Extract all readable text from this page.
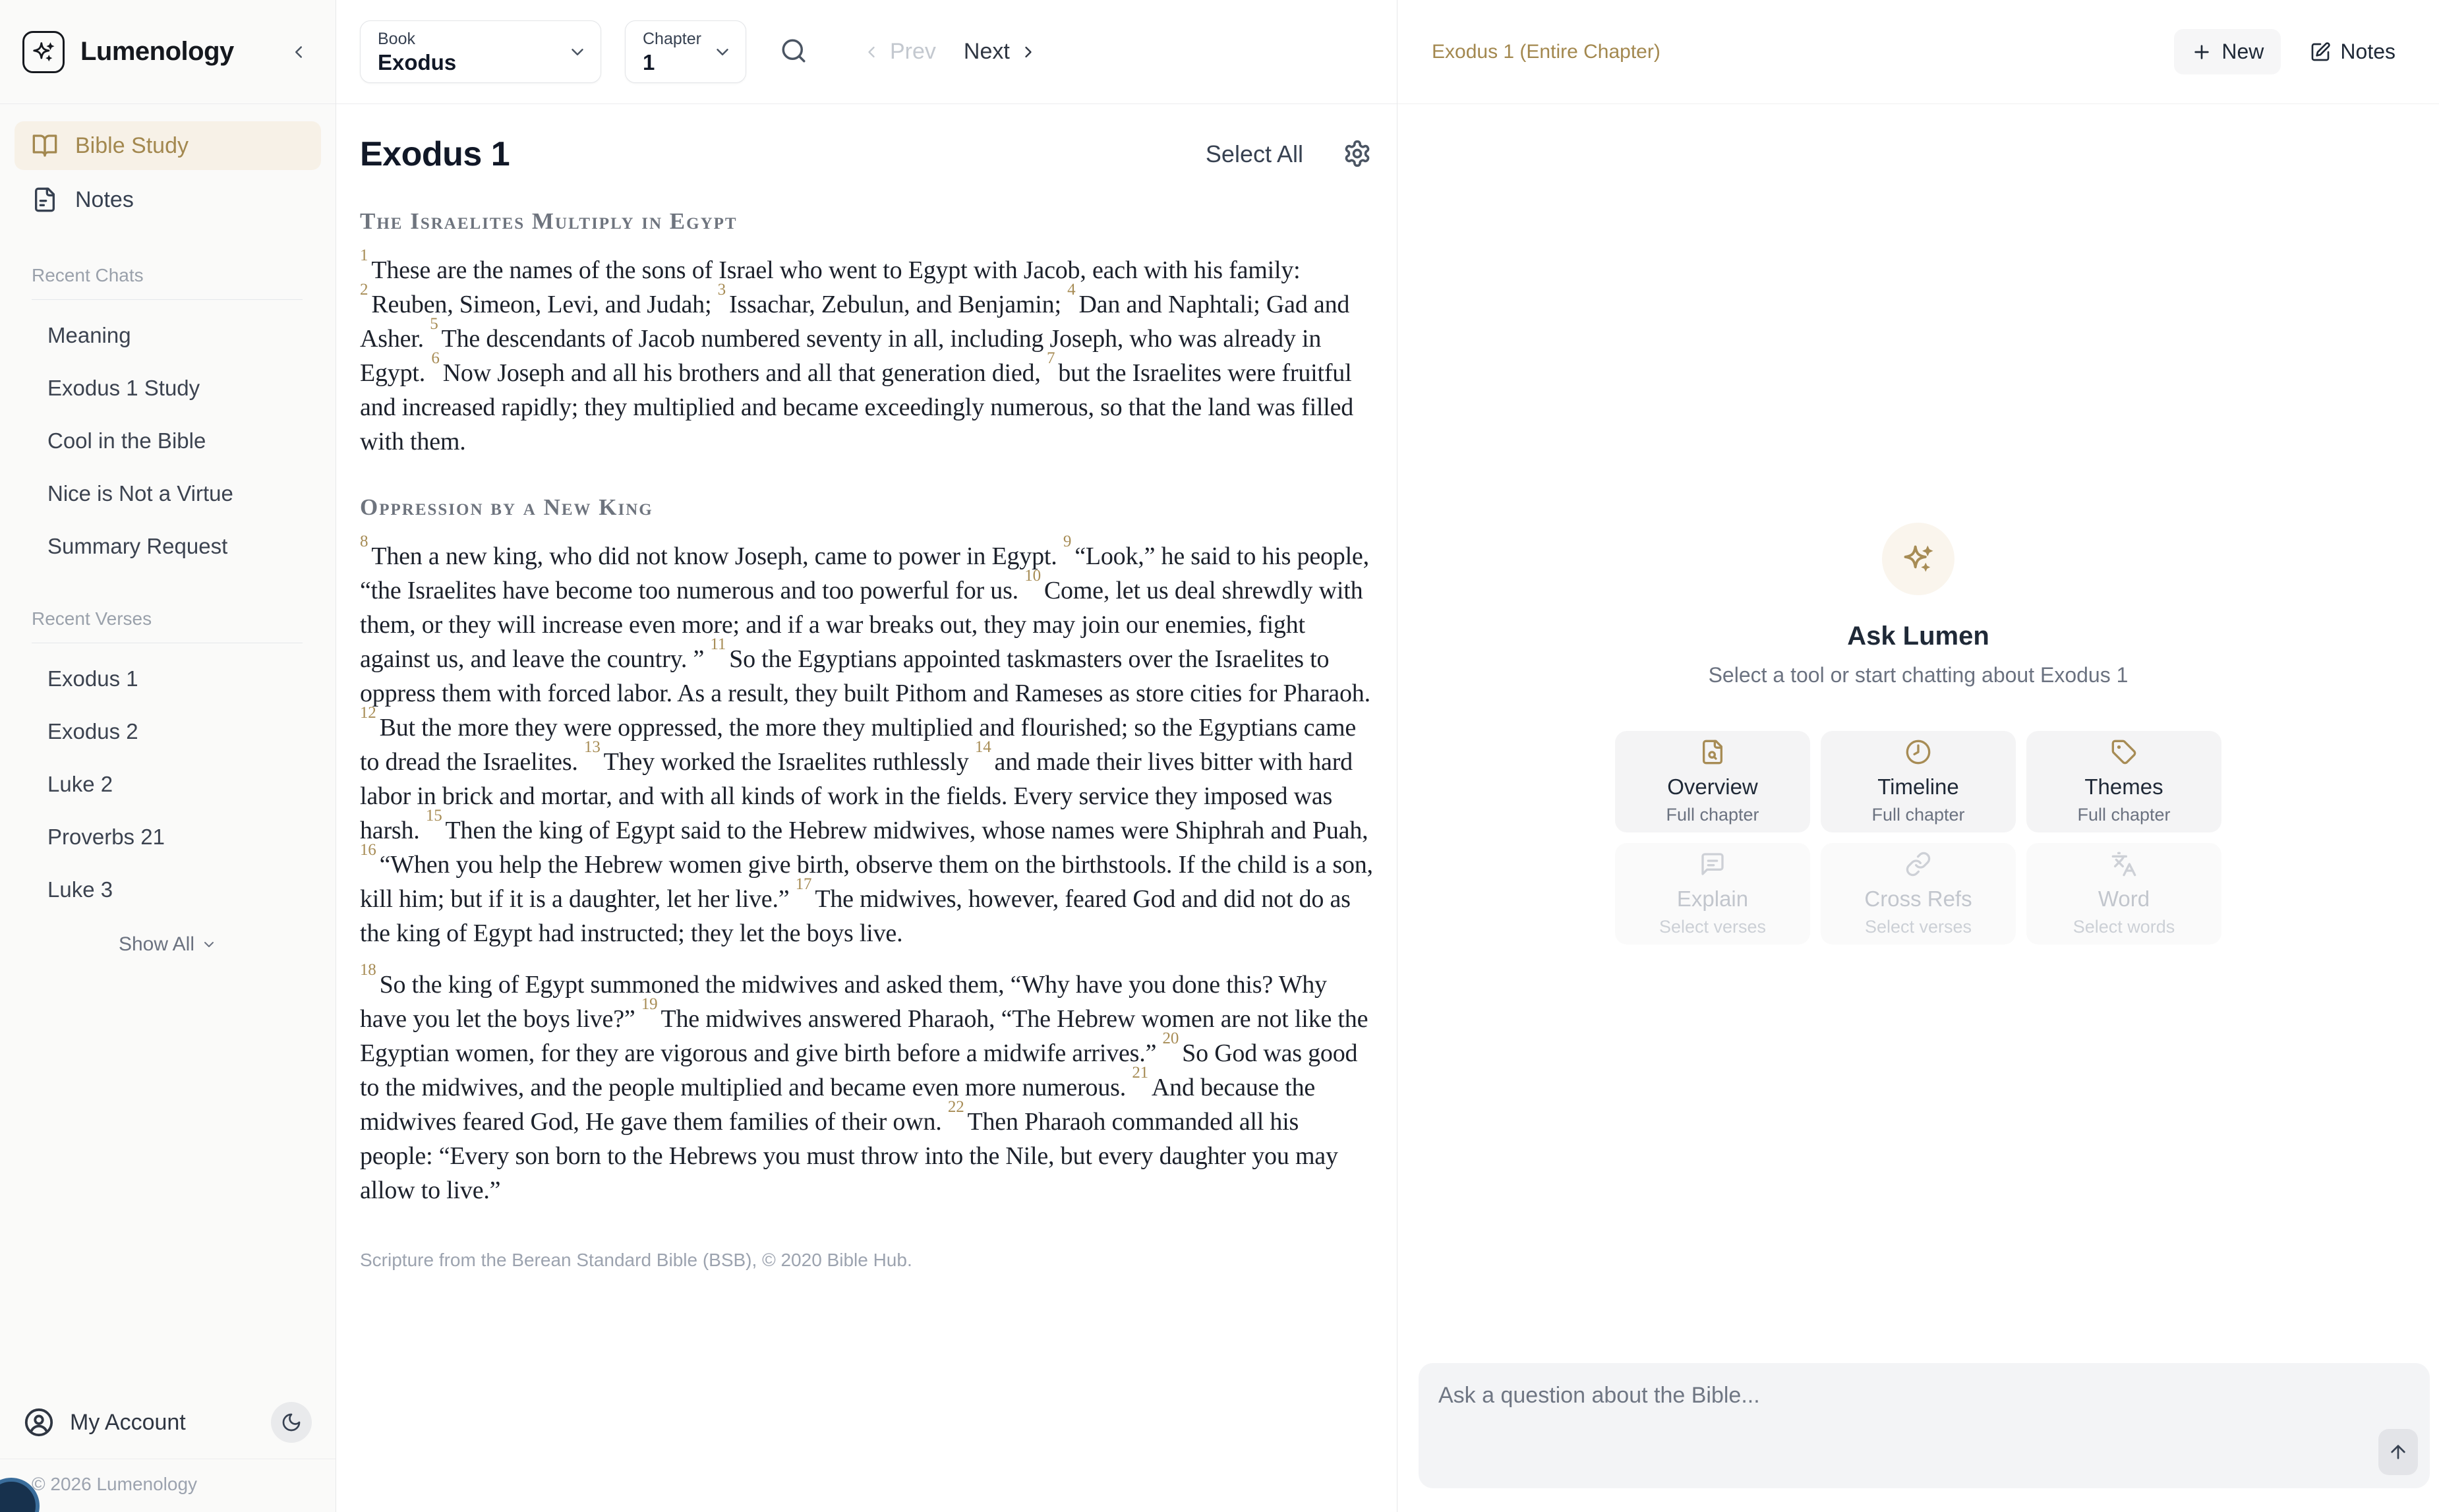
Lumenology
Bible Study
Notes
Recent Chats
Meaning
Exodus 1 Study
Cool in the Bible
Nice is Not a Virtue
Summary Request
Recent Verses
Exodus 1
Exodus 2
Luke 2
Proverbs 21
Luke 3
Show All
My Account
© 2026 Lumenology
Book
Exodus
Chapter
1	Prev Next
Exodus 1	Select All
The Israelites Multiply in Egypt

$^1$These are the names of the sons of Israel who went to Egypt with Jacob, each with his family: $^2$Reuben, Simeon, Levi, and Judah; $^3$Issachar, Zebulun, and Benjamin; $^4$Dan and Naphtali; Gad and Asher. $^5$The descendants of Jacob numbered seventy in all, including Joseph, who was already in Egypt. $^6$Now Joseph and all his brothers and all that generation died, $^7$but the Israelites were fruitful and increased rapidly; they multiplied and became exceedingly numerous, so that the land was filled with them.

Oppression by a New King

$^8$Then a new king, who did not know Joseph, came to power in Egypt. $^9$“Look,” he said to his people, “the Israelites have become too numerous and too powerful for us. $^{10}$Come, let us deal shrewdly with them, or they will increase even more; and if a war breaks out, they may join our enemies, fight against us, and leave the country. ” $^{11}$So the Egyptians appointed taskmasters over the Israelites to oppress them with forced labor. As a result, they built Pithom and Rameses as store cities for Pharaoh. $^{12}$But the more they were oppressed, the more they multiplied and flourished; so the Egyptians came to dread the Israelites. $^{13}$They worked the Israelites ruthlessly $^{14}$and made their lives bitter with hard labor in brick and mortar, and with all kinds of work in the fields. Every service they imposed was harsh. $^{15}$Then the king of Egypt said to the Hebrew midwives, whose names were Shiphrah and Puah, $^{16}$“When you help the Hebrew women give birth, observe them on the birthstools. If the child is a son, kill him; but if it is a daughter, let her live.” $^{17}$The midwives, however, feared God and did not do as the king of Egypt had instructed; they let the boys live.

$^{18}$So the king of Egypt summoned the midwives and asked them, “Why have you done this? Why have you let the boys live?” $^{19}$The midwives answered Pharaoh, “The Hebrew women are not like the Egyptian women, for they are vigorous and give birth before a midwife arrives.” $^{20}$So God was good to the midwives, and the people multiplied and became even more numerous. $^{21}$And because the midwives feared God, He gave them families of their own. $^{22}$Then Pharaoh commanded all his people: “Every son born to the Hebrews you must throw into the Nile, but every daughter you may allow to live.”

Scripture from the Berean Standard Bible (BSB), © 2020 Bible Hub.
Exodus 1 (Entire Chapter)	New	Notes
Ask Lumen
Select a tool or start chatting about Exodus 1
Overview
Full chapter
Timeline
Full chapter
Themes
Full chapter
Explain
Select verses
Cross Refs
Select verses
Word
Select words
Ask a question about the Bible...
